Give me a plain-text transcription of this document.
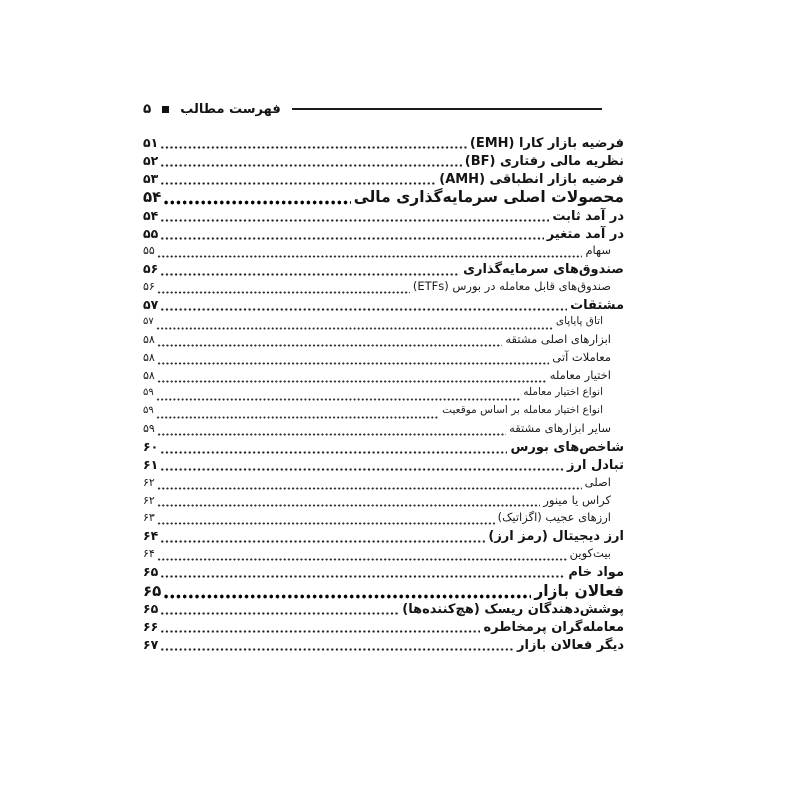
فهرست مطالب
۵
فرضیه بازار کارا (EMH)
۵۱
نظریه مالی رفتاری (BF)
۵۲
فرضیه بازار انطباقی (AMH)
۵۳
محصولات اصلی سرمایه‌گذاری مالی
۵۴
در آمد ثابت
۵۴
در آمد متغیر
۵۵
سهام
۵۵
صندوق‌های سرمایه‌گذاری
۵۶
صندوق‌های قابل معامله در بورس (ETFs)
۵۶
مشتقات
۵۷
اتاق پایاپای
۵۷
ابزارهای اصلی مشتقه
۵۸
معاملات آتی
۵۸
اختیار معامله
۵۸
انواع اختیار معامله
۵۹
انواع اختیار معامله بر اساس موقعیت
۵۹
سایر ابزارهای مشتقه
۵۹
شاخص‌های بورس
۶۰
تبادل ارز
۶۱
اصلی
۶۲
کراس یا مینور
۶۲
ارزهای عجیب (اگزاتیک)
۶۳
ارز دیجیتال (رمز ارز)
۶۴
بیت‌کوین
۶۴
مواد خام
۶۵
فعالان بازار
۶۵
پوشش‌دهندگان ریسک (هچ‌کننده‌ها)
۶۵
معامله‌گران پرمخاطره
۶۶
دیگر فعالان بازار
۶۷
